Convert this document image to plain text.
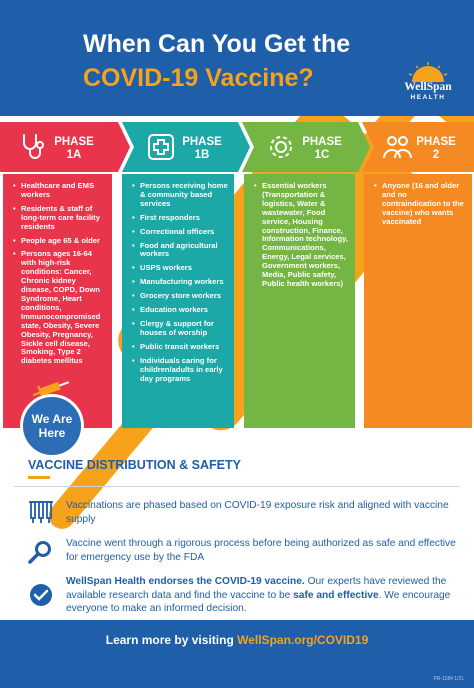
When Can You Get the
COVID-19 Vaccine?	WellSpan
HEALTH
PHASE 1A
PHASE 1B
PHASE 1C
PHASE 2
• Healthcare and EMS workers
• Residents & staff of long-term care facility residents
• People age 65 & older
• Persons ages 16-64 with high-risk conditions: Cancer, Chronic kidney disease, COPD, Down Syndrome, Heart conditions, Immunocompromised state, Obesity, Severe Obesity, Pregnancy, Sickle cell disease, Smoking, Type 2 diabetes mellitus
• Persons receiving home & community based services
• First responders
• Correctional officers
• Food and agricultural workers
• USPS workers
• Manufacturing workers
• Grocery store workers
• Education workers
• Clergy & support for houses of worship
• Public transit workers
• Individuals caring for children/adults in early day programs
• Essential workers (Transportation & logistics, Water & wastewater, Food service, Housing construction, Finance, Information technology, Communications, Energy, Legal services, Government workers, Media, Public safety, Public health workers)
• Anyone (16 and older and no contraindication to the vaccine) who wants vaccinated
We Are Here
VACCINE DISTRIBUTION & SAFETY
Vaccinations are phased based on COVID-19 exposure risk and aligned with vaccine supply
Vaccine went through a rigorous process before being authorized as safe and effective for emergency use by the FDA
WellSpan Health endorses the COVID-19 vaccine. Our experts have reviewed the available research data and find the vaccine to be safe and effective. We encourage everyone to make an informed decision.
Learn more by visiting WellSpan.org/COVID19
PR-1184 1/21
